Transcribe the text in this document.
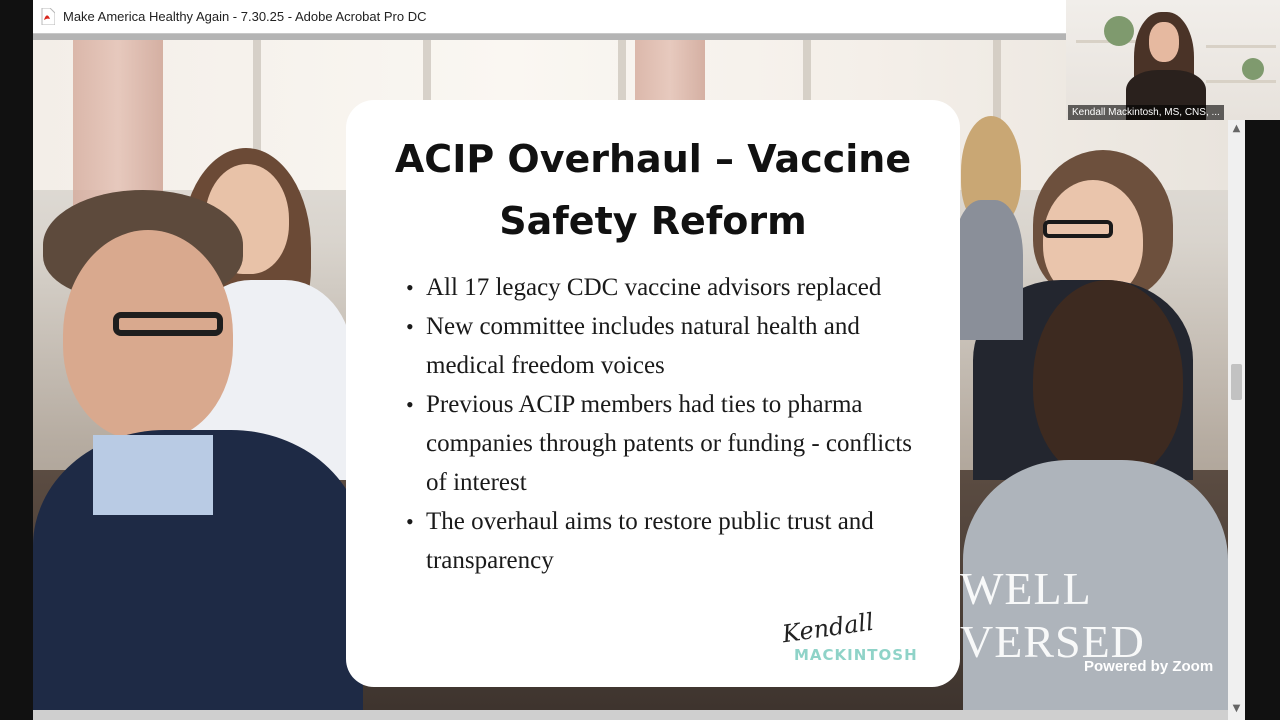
Make America Healthy Again - 7.30.25 - Adobe Acrobat Pro DC
ACIP Overhaul – Vaccine
Safety Reform
• All 17 legacy CDC vaccine advisors replaced
• New committee includes natural health and medical freedom voices
• Previous ACIP members had ties to pharma companies through patents or funding - conflicts of interest
• The overhaul aims to restore public trust and transparency
Kendall
MACKINTOSH
WELL VERSED
Powered by Zoom
▲
▼
Kendall Mackintosh, MS, CNS, ...
